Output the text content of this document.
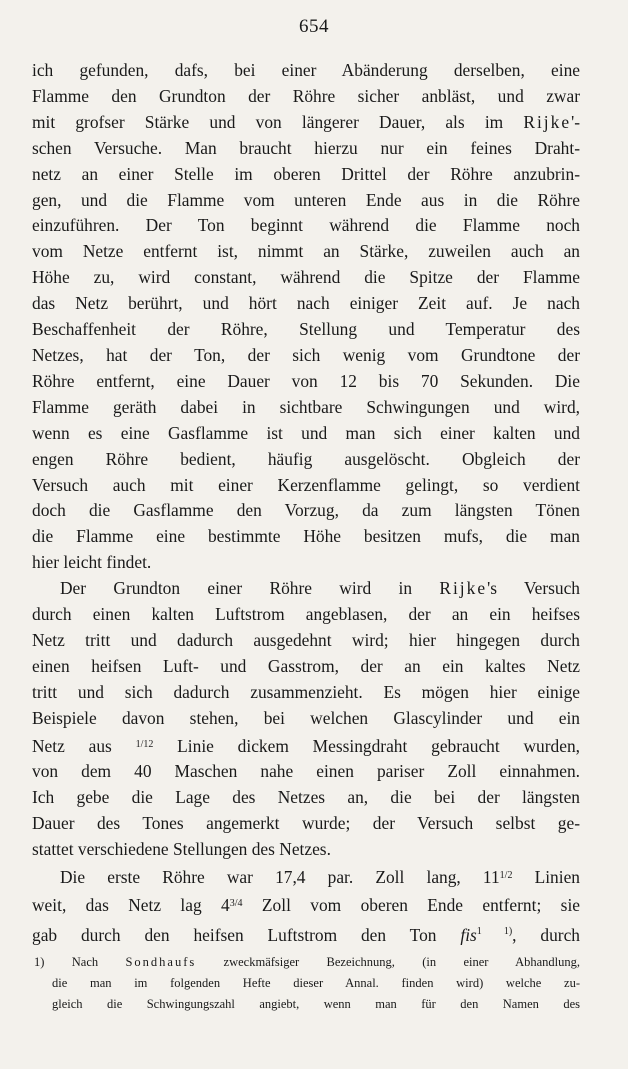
654

ich gefunden, dafs, bei einer Abänderung derselben, eine

Flamme den Grundton der Röhre sicher anbläst, und zwar

mit grofser Stärke und von längerer Dauer, als im Rijke'-

schen Versuche. Man braucht hierzu nur ein feines Draht-

netz an einer Stelle im oberen Drittel der Röhre anzubrin-

gen, und die Flamme vom unteren Ende aus in die Röhre

einzuführen. Der Ton beginnt während die Flamme noch

vom Netze entfernt ist, nimmt an Stärke, zuweilen auch an

Höhe zu, wird constant, während die Spitze der Flamme

das Netz berührt, und hört nach einiger Zeit auf. Je nach

Beschaffenheit der Röhre, Stellung und Temperatur des

Netzes, hat der Ton, der sich wenig vom Grundtone der

Röhre entfernt, eine Dauer von 12 bis 70 Sekunden. Die

Flamme geräth dabei in sichtbare Schwingungen und wird,

wenn es eine Gasflamme ist und man sich einer kalten und

engen Röhre bedient, häufig ausgelöscht. Obgleich der

Versuch auch mit einer Kerzenflamme gelingt, so verdient

doch die Gasflamme den Vorzug, da zum längsten Tönen

die Flamme eine bestimmte Höhe besitzen mufs, die man

hier leicht findet.

Der Grundton einer Röhre wird in Rijke's Versuch

durch einen kalten Luftstrom angeblasen, der an ein heifses

Netz tritt und dadurch ausgedehnt wird; hier hingegen durch

einen heifsen Luft- und Gasstrom, der an ein kaltes Netz

tritt und sich dadurch zusammenzieht. Es mögen hier einige

Beispiele davon stehen, bei welchen Glascylinder und ein

Netz aus $^{1/12}$ Linie dickem Messingdraht gebraucht wurden,

von dem 40 Maschen nahe einen pariser Zoll einnahmen.

Ich gebe die Lage des Netzes an, die bei der längsten

Dauer des Tones angemerkt wurde; der Versuch selbst ge-

stattet verschiedene Stellungen des Netzes.

Die erste Röhre war 17,4 par. Zoll lang, $11^{1/2}$ Linien

weit, das Netz lag $4^{3/4}$ Zoll vom oberen Ende entfernt; sie

gab durch den heifsen Luftstrom den Ton fis$^{1 1)}$, durch

1) Nach Sondhaufs zweckmäfsiger Bezeichnung, (in einer Abhandlung,

die man im folgenden Hefte dieser Annal. finden wird) welche zu-

gleich die Schwingungszahl angiebt, wenn man für den Namen des
